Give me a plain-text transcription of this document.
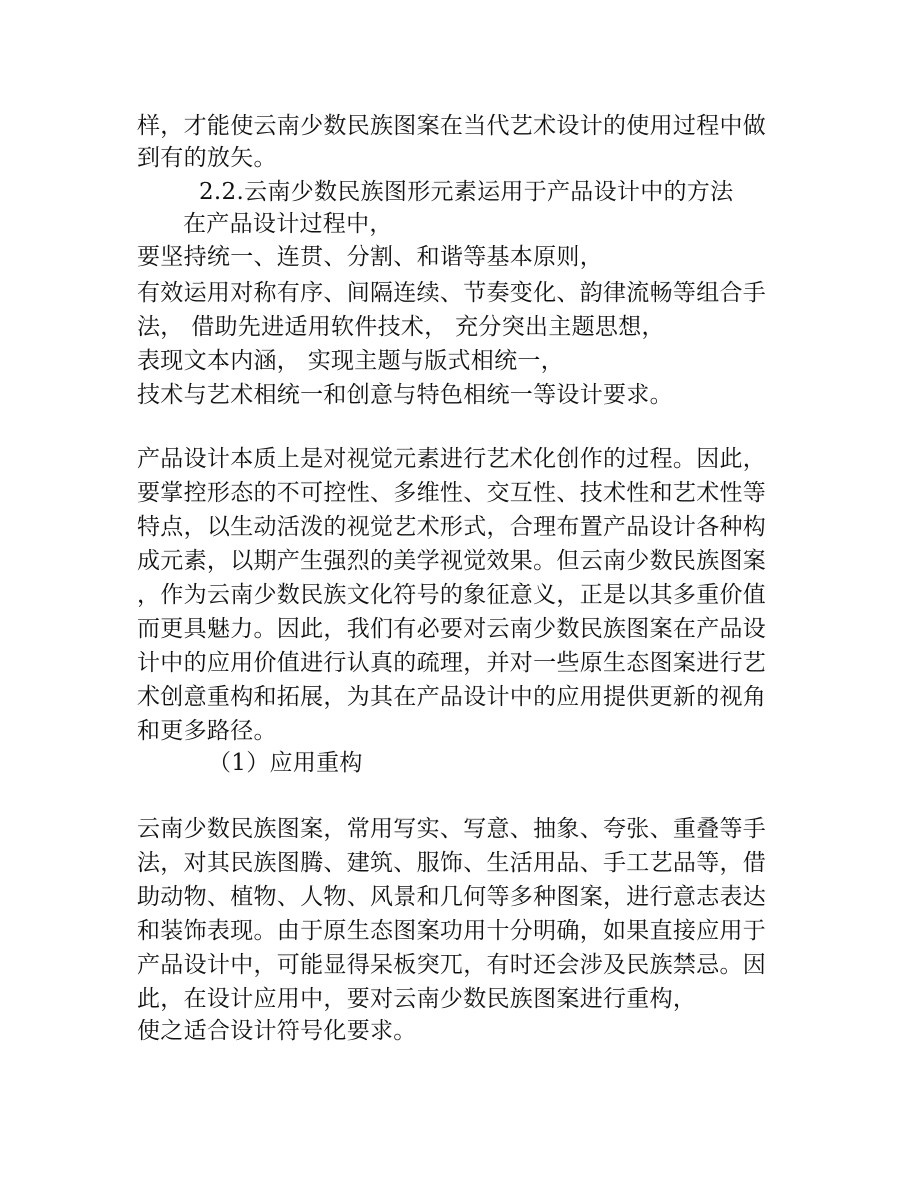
样，才能使云南少数民族图案在当代艺术设计的使用过程中做
到有的放矢。
2.2.云南少数民族图形元素运用于产品设计中的方法
在产品设计过程中，
要坚持统一、连贯、分割、和谐等基本原则，
有效运用对称有序、间隔连续、节奏变化、韵律流畅等组合手
法， 借助先进适用软件技术， 充分突出主题思想，
表现文本内涵， 实现主题与版式相统一，
技术与艺术相统一和创意与特色相统一等设计要求。
产品设计本质上是对视觉元素进行艺术化创作的过程。因此，
要掌控形态的不可控性、多维性、交互性、技术性和艺术性等
特点，以生动活泼的视觉艺术形式，合理布置产品设计各种构
成元素，以期产生强烈的美学视觉效果。但云南少数民族图案
，作为云南少数民族文化符号的象征意义，正是以其多重价值
而更具魅力。因此，我们有必要对云南少数民族图案在产品设
计中的应用价值进行认真的疏理，并对一些原生态图案进行艺
术创意重构和拓展，为其在产品设计中的应用提供更新的视角
和更多路径。
（1）应用重构
云南少数民族图案，常用写实、写意、抽象、夸张、重叠等手
法，对其民族图腾、建筑、服饰、生活用品、手工艺品等，借
助动物、植物、人物、风景和几何等多种图案，进行意志表达
和装饰表现。由于原生态图案功用十分明确，如果直接应用于
产品设计中，可能显得呆板突兀，有时还会涉及民族禁忌。因
此，在设计应用中，要对云南少数民族图案进行重构，
使之适合设计符号化要求。
